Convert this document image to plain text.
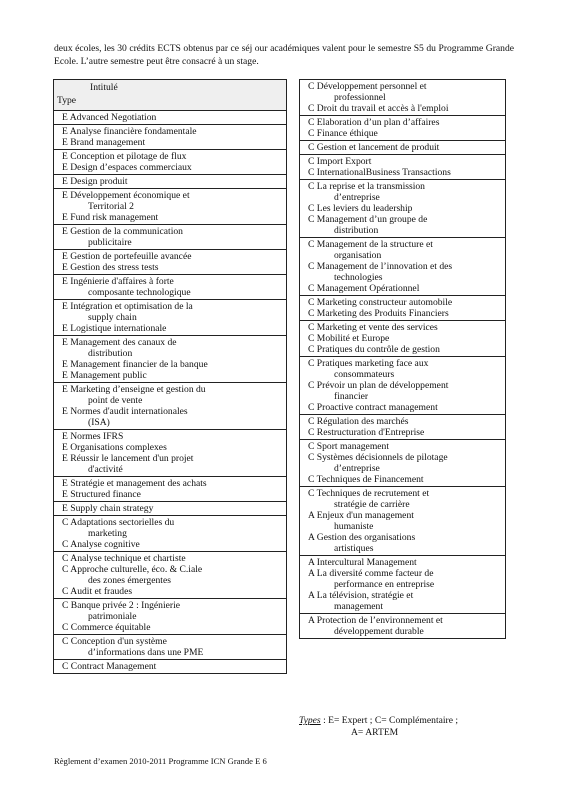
deux écoles, les 30 crédits ECTS obtenus par ce séj our académiques valent pour le semestre S5 du Programme Grande Ecole. L’autre semestre peut être consacré à un stage.
Intitulé
Type
E Advanced Negotiation
E Analyse financière fondamentale
E Brand management
E Conception et pilotage de flux
E Design d’espaces commerciaux
E Design produit
E Développement économique et
Territorial 2
E Fund risk management
E Gestion de la communication
publicitaire
E Gestion de portefeuille avancée
E Gestion des stress tests
E Ingénierie d'affaires à forte
composante technologique
E Intégration et optimisation de la
supply chain
E Logistique internationale
E Management des canaux de
distribution
E Management financier de la banque
E Management public
E Marketing d’enseigne et gestion du
point de vente
E Normes d'audit internationales
(ISA)
E Normes IFRS
E Organisations complexes
E Réussir le lancement d'un projet
d'activité
E Stratégie et management des achats
E Structured finance
E Supply chain strategy
C Adaptations sectorielles du
marketing
C Analyse cognitive
C Analyse technique et chartiste
C Approche culturelle, éco. & C.iale
des zones émergentes
C Audit et fraudes
C Banque privée 2 : Ingénierie
patrimoniale
C Commerce équitable
C Conception d'un système
d’informations dans une PME
C Contract Management
C Développement personnel et
professionnel
C Droit du travail et accès à l'emploi
C Elaboration d’un plan d’affaires
C Finance éthique
C Gestion et lancement de produit
C Import Export
C InternationalBusiness Transactions
C La reprise et la transmission
d’entreprise
C Les leviers du leadership
C Management d’un groupe de
distribution
C Management de la structure et
organisation
C Management de l’innovation et des
technologies
C Management Opérationnel
C Marketing constructeur automobile
C Marketing des Produits Financiers
C Marketing et vente des services
C Mobilité et Europe
C Pratiques du contrôle de gestion
C Pratiques marketing face aux
consommateurs
C Prévoir un plan de développement
financier
C Proactive contract management
C Régulation des marchés
C Restructuration d'Entreprise
C Sport management
C Systèmes décisionnels de pilotage
d’entreprise
C Techniques de Financement
C Techniques de recrutement et
stratégie de carrière
A Enjeux d'un management
humaniste
A Gestion des organisations
artistiques
A Intercultural Management
A La diversité comme facteur de
performance en entreprise
A La télévision, stratégie et
management
A Protection de l’environnement et
développement durable
Types : E= Expert ; C= Complémentaire ;
A= ARTEM
Règlement d’examen 2010-2011 Programme ICN Grande E 6
